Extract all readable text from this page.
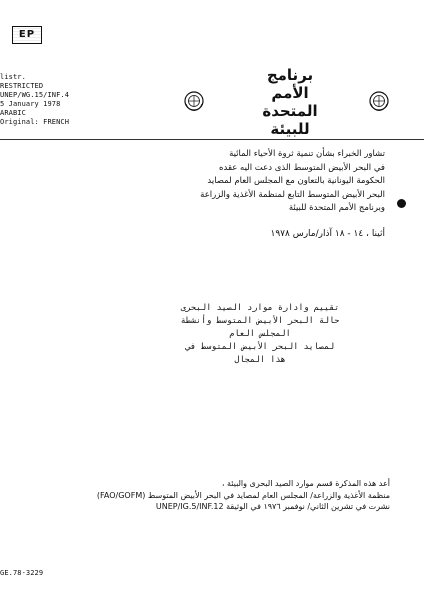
EP
listr.
RESTRICTED
UNEP/WG.15/INF.4
5 January 1978
ARABIC
Original: FRENCH
برنامج
الأمم المتحدة
للبيئة
تشاور الخبراء بشأن تنمية ثروة الأحياء المائية
في البحر الأبيض المتوسط الذى دعت اليه عقده
الحكومة اليونانية بالتعاون مع المجلس العام لمصايد
البحر الأبيض المتوسط التابع لمنظمة الأغذية والزراعة
وبرنامج الأمم المتحدة للبيئة
أثينا ، ١٤ - ١٨ آذار/مارس ١٩٧٨
تقييم وادارة موارد الصيد البحرى
حالة البحر الأبيض المتوسط وأنشطة المجلس العام
لمصايد البحر الأبيض المتوسط في هذا المجال
أعد هذه المذكرة قسم موارد الصيد البحرى والبيئة ،
منظمة الأغذية والزراعة/ المجلس العام لمصايد في البحر الأبيض المتوسط (FAO/GOFM)
نشرت في تشرين الثاني/ نوفمبر ١٩٧٦ في الوثيقة UNEP/IG.5/INF.12
GE.78-3229
